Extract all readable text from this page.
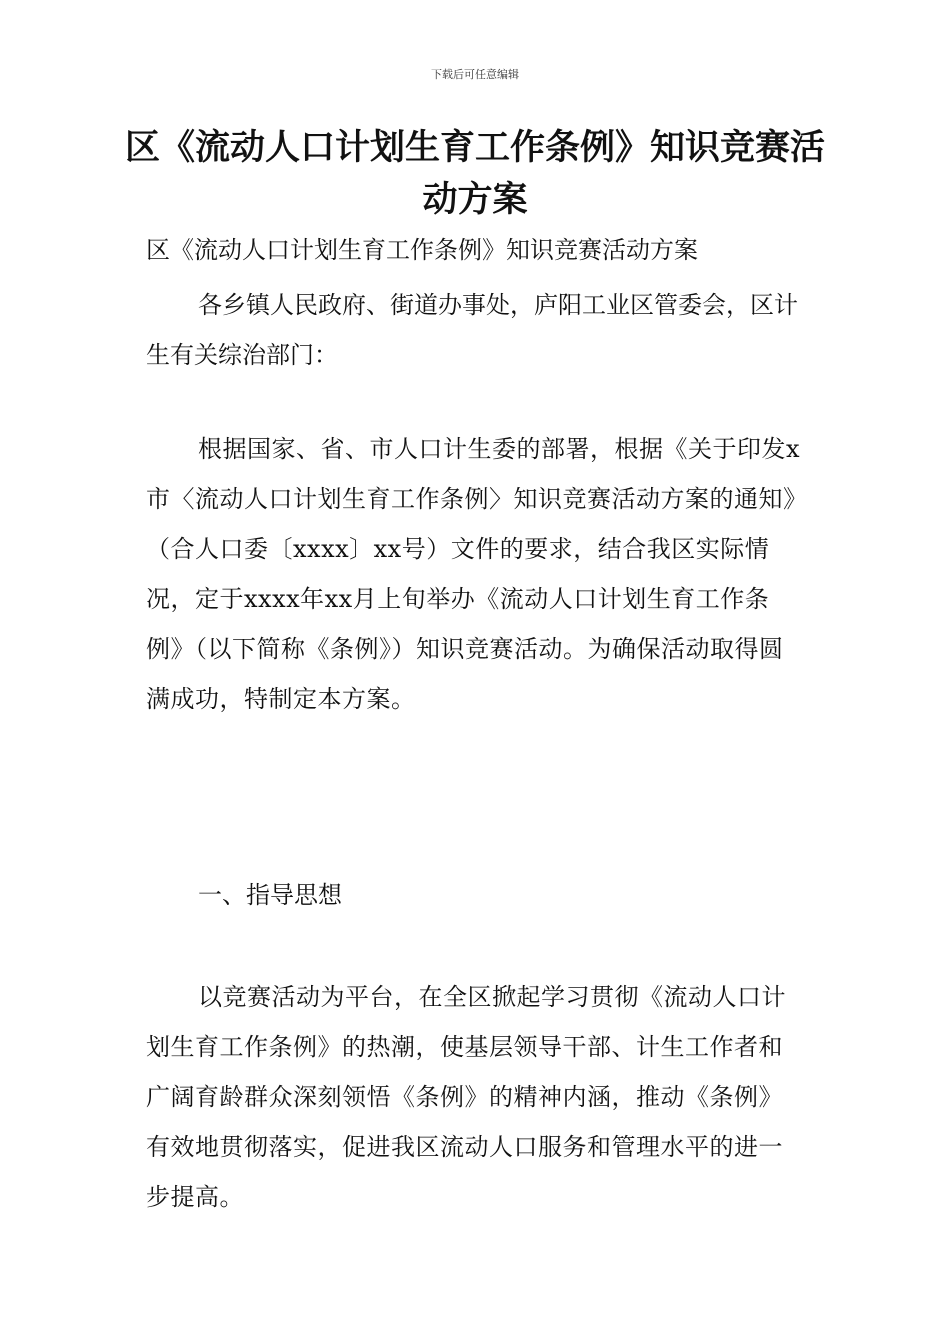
下载后可任意编辑
区《流动人口计划生育工作条例》知识竞赛活动方案
区《流动人口计划生育工作条例》知识竞赛活动方案
各乡镇人民政府、街道办事处，庐阳工业区管委会，区计生有关综治部门：
根据国家、省、市人口计生委的部署，根据《关于印发x市〈流动人口计划生育工作条例〉知识竞赛活动方案的通知》（合人口委〔xxxx〕xx号）文件的要求，结合我区实际情况，定于xxxx年xx月上旬举办《流动人口计划生育工作条例》（以下简称《条例》）知识竞赛活动。为确保活动取得圆满成功，特制定本方案。
一、指导思想
以竞赛活动为平台，在全区掀起学习贯彻《流动人口计划生育工作条例》的热潮，使基层领导干部、计生工作者和广阔育龄群众深刻领悟《条例》的精神内涵，推动《条例》有效地贯彻落实，促进我区流动人口服务和管理水平的进一步提高。
